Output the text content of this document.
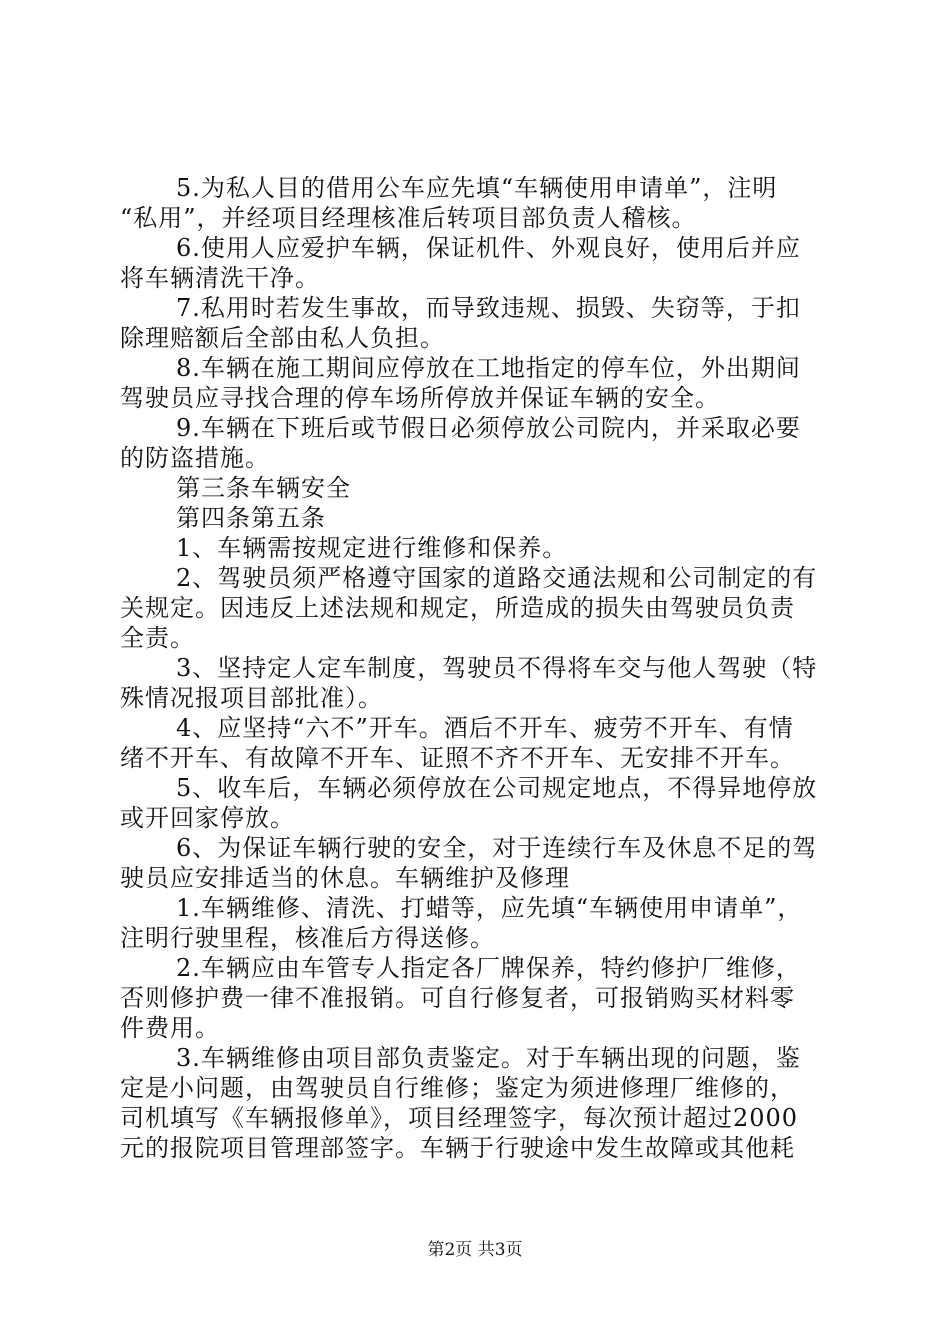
5.为私人目的借用公车应先填“车辆使用申请单”，注明
“私用”，并经项目经理核准后转项目部负责人稽核。
6.使用人应爱护车辆，保证机件、外观良好，使用后并应
将车辆清洗干净。
7.私用时若发生事故，而导致违规、损毁、失窃等，于扣
除理赔额后全部由私人负担。
8.车辆在施工期间应停放在工地指定的停车位，外出期间
驾驶员应寻找合理的停车场所停放并保证车辆的安全。
9.车辆在下班后或节假日必须停放公司院内，并采取必要
的防盗措施。
第三条车辆安全
第四条第五条
1、车辆需按规定进行维修和保养。
2、驾驶员须严格遵守国家的道路交通法规和公司制定的有
关规定。因违反上述法规和规定，所造成的损失由驾驶员负责
全责。
3、坚持定人定车制度，驾驶员不得将车交与他人驾驶（特
殊情况报项目部批准）。
4、应坚持“六不”开车。酒后不开车、疲劳不开车、有情
绪不开车、有故障不开车、证照不齐不开车、无安排不开车。
5、收车后，车辆必须停放在公司规定地点，不得异地停放
或开回家停放。
6、为保证车辆行驶的安全，对于连续行车及休息不足的驾
驶员应安排适当的休息。车辆维护及修理
1.车辆维修、清洗、打蜡等，应先填“车辆使用申请单”，
注明行驶里程，核准后方得送修。
2.车辆应由车管专人指定各厂牌保养，特约修护厂维修，
否则修护费一律不准报销。可自行修复者，可报销购买材料零
件费用。
3.车辆维修由项目部负责鉴定。对于车辆出现的问题，鉴
定是小问题，由驾驶员自行维修；鉴定为须进修理厂维修的，
司机填写《车辆报修单》，项目经理签字，每次预计超过2000
元的报院项目管理部签字。车辆于行驶途中发生故障或其他耗
第2页 共3页
